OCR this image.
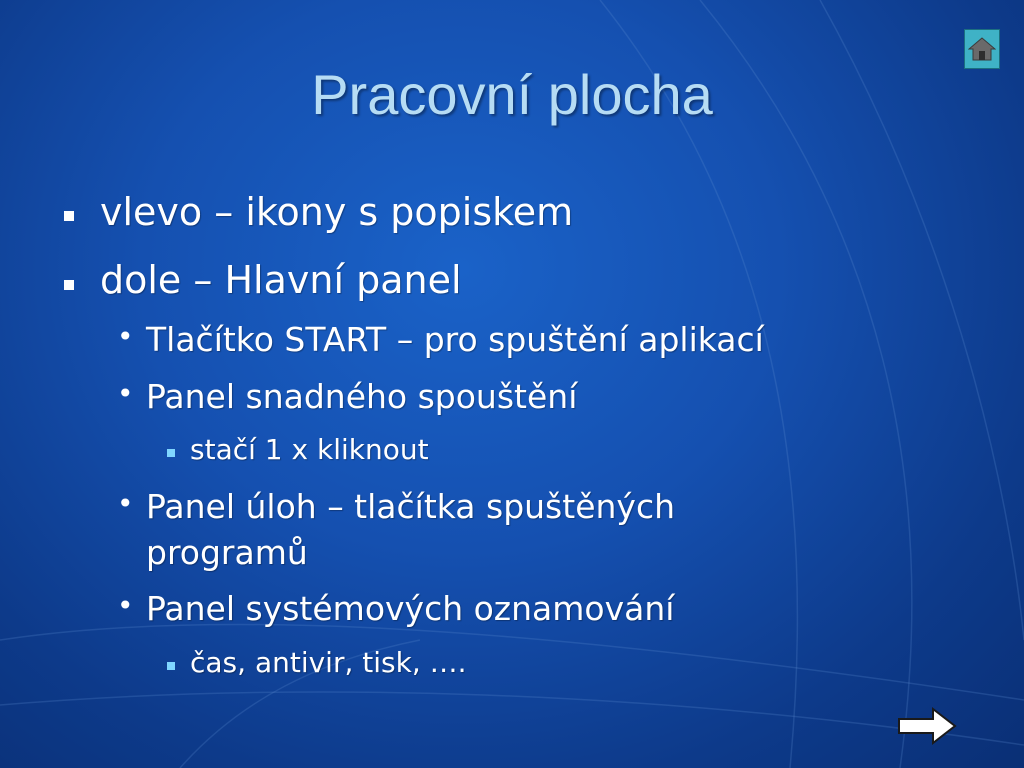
Pracovní plocha
vlevo – ikony s popiskem
dole – Hlavní panel
• Tlačítko START – pro spuštění aplikací
• Panel snadného spouštění
stačí 1 x kliknout
• Panel úloh – tlačítka spuštěných
programů
• Panel systémových oznamování
čas, antivir, tisk, ….
